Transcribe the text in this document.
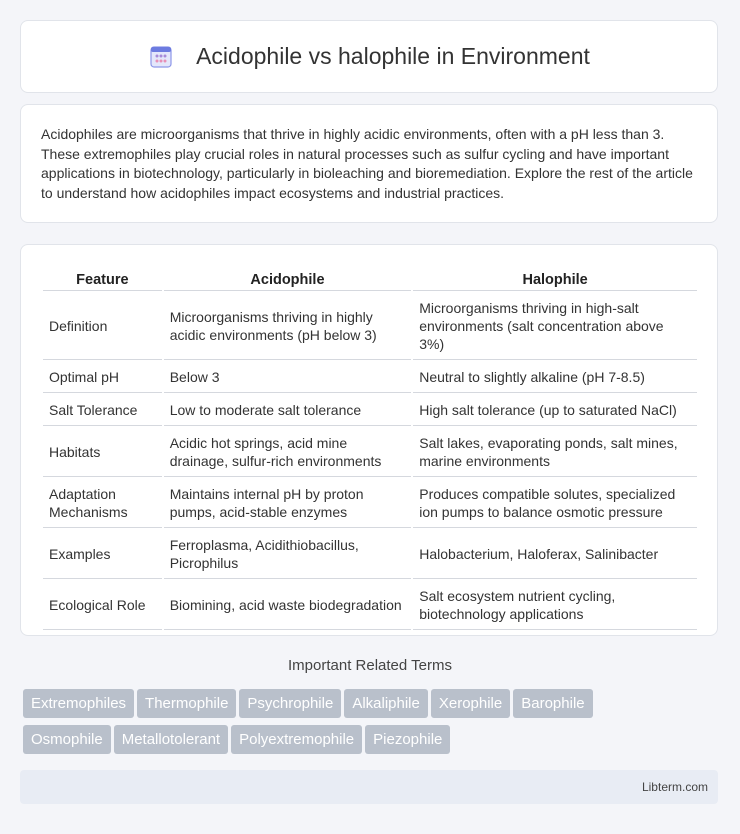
Acidophile vs halophile in Environment

Acidophiles are microorganisms that thrive in highly acidic environments, often with a pH less than 3. These extremophiles play crucial roles in natural processes such as sulfur cycling and have important applications in biotechnology, particularly in bioleaching and bioremediation. Explore the rest of the article to understand how acidophiles impact ecosystems and industrial practices.

Feature	Acidophile	Halophile
Definition	Microorganisms thriving in highly acidic environments (pH below 3)	Microorganisms thriving in high-salt environments (salt concentration above 3%)
Optimal pH	Below 3	Neutral to slightly alkaline (pH 7-8.5)
Salt Tolerance	Low to moderate salt tolerance	High salt tolerance (up to saturated NaCl)
Habitats	Acidic hot springs, acid mine drainage, sulfur-rich environments	Salt lakes, evaporating ponds, salt mines, marine environments
Adaptation Mechanisms	Maintains internal pH by proton pumps, acid-stable enzymes	Produces compatible solutes, specialized ion pumps to balance osmotic pressure
Examples	Ferroplasma, Acidithiobacillus, Picrophilus	Halobacterium, Haloferax, Salinibacter
Ecological Role	Biomining, acid waste biodegradation	Salt ecosystem nutrient cycling, biotechnology applications
Important Related Terms
Extremophiles Thermophile Psychrophile Alkaliphile Xerophile Barophile
Osmophile Metallotolerant Polyextremophile Piezophile
Libterm.com
